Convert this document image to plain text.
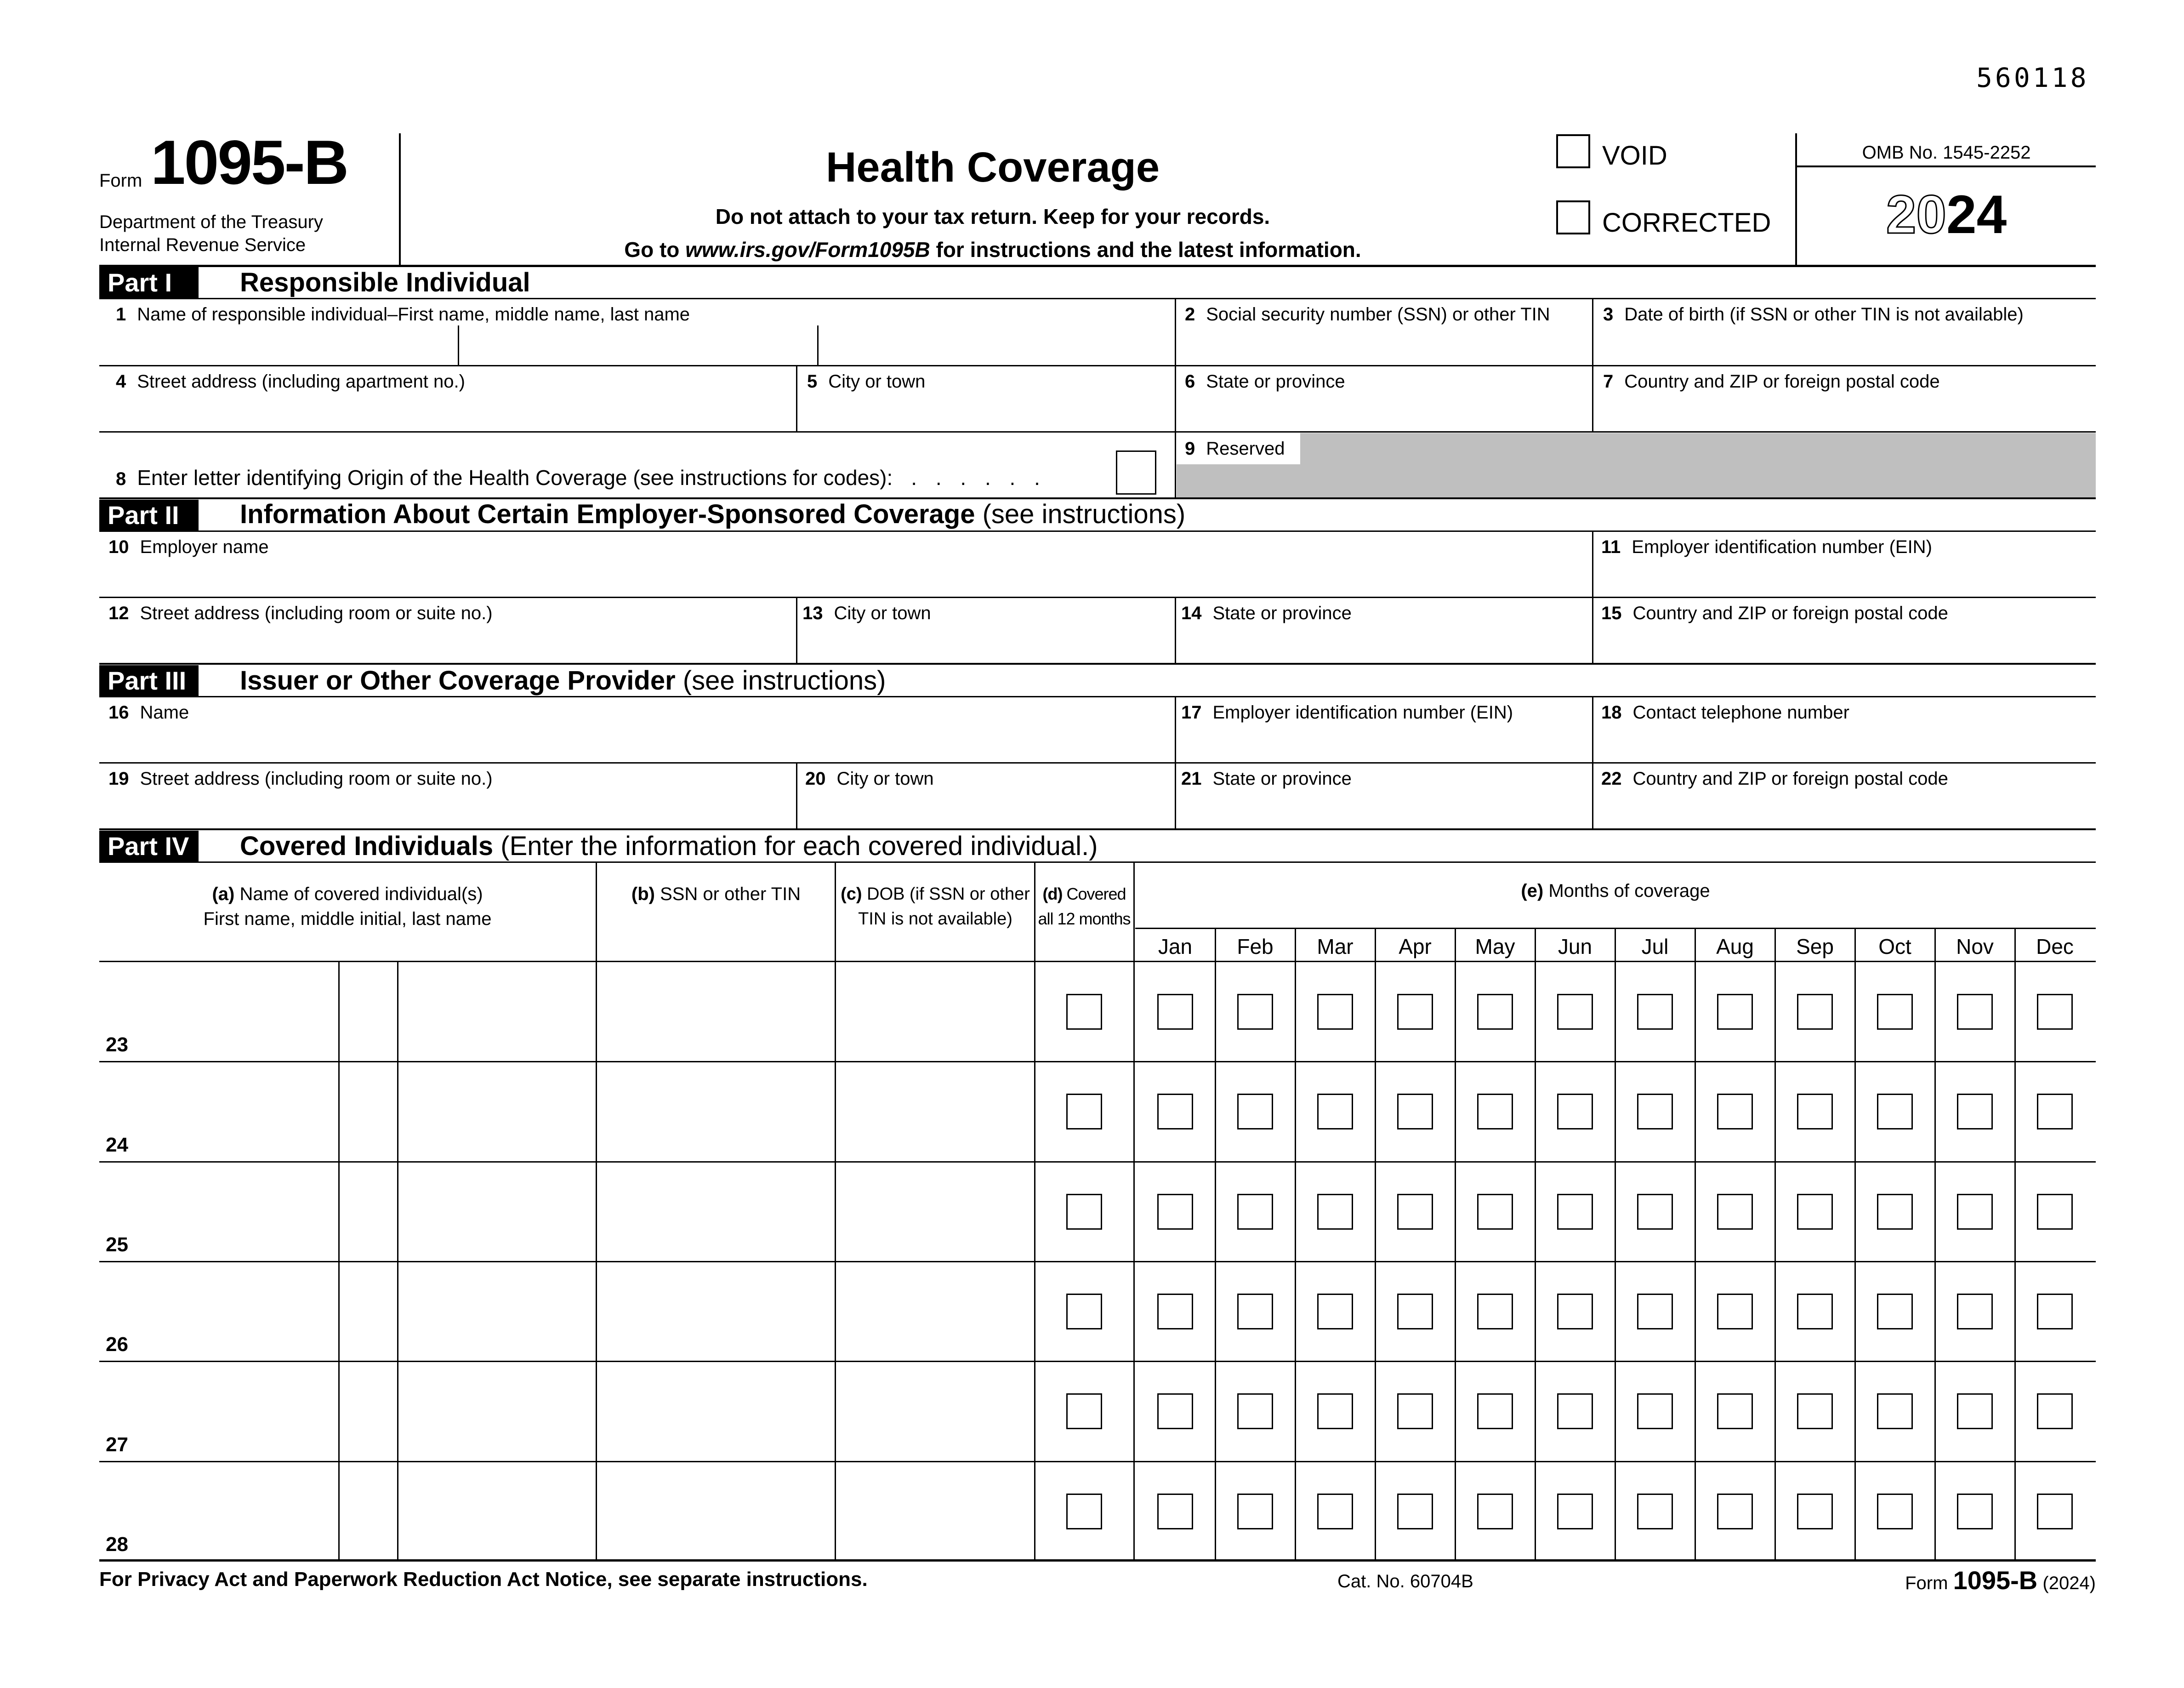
560118
Form 1095-B
Department of the Treasury
Internal Revenue Service
Health Coverage
Do not attach to your tax return. Keep for your records.
Go to www.irs.gov/Form1095B for instructions and the latest information.
VOID
CORRECTED
OMB No. 1545-2252
2024
Part I	Responsible Individual
1 Name of responsible individual–First name, middle name, last name	2 Social security number (SSN) or other TIN	3 Date of birth (if SSN or other TIN is not available)
4 Street address (including apartment no.)	5 City or town	6 State or province	7 Country and ZIP or foreign postal code
8 Enter letter identifying Origin of the Health Coverage (see instructions for codes): . . . . . .
9 Reserved
Part II	Information About Certain Employer-Sponsored Coverage (see instructions)
10 Employer name	11 Employer identification number (EIN)
12 Street address (including room or suite no.)	13 City or town	14 State or province	15 Country and ZIP or foreign postal code
Part III	Issuer or Other Coverage Provider (see instructions)
16 Name	17 Employer identification number (EIN)	18 Contact telephone number
19 Street address (including room or suite no.)	20 City or town	21 State or province	22 Country and ZIP or foreign postal code
Part IV	Covered Individuals (Enter the information for each covered individual.)
(a) Name of covered individual(s)
First name, middle initial, last name
(b) SSN or other TIN	(c) DOB (if SSN or other
TIN is not available)
(d) Covered
all 12 months
(e) Months of coverage
Jan	Feb	Mar	Apr	May	Jun	Jul	Aug	Sep	Oct	Nov	Dec
23
24
25
26
27
28
For Privacy Act and Paperwork Reduction Act Notice, see separate instructions.	Cat. No. 60704B	Form 1095-B (2024)
